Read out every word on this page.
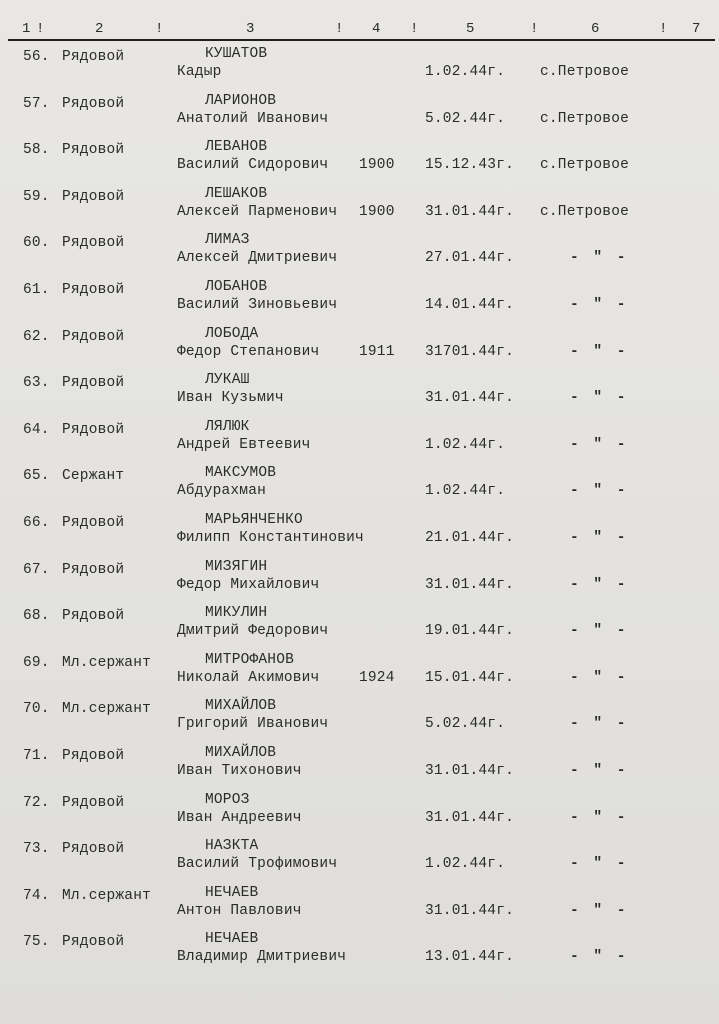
1 !	2	!	3	! 4 !	5	!	6	! 7
56. Рядовой	КУШАТОВ
Кадыр	1.02.44г. с.Петровое
57. Рядовой	ЛАРИОНОВ
Анатолий Иванович	5.02.44г. с.Петровое
58. Рядовой	ЛЕВАНОВ
Василий Сидорович 1900 15.12.43г. с.Петровое
59. Рядовой	ЛЕШАКОВ
Алексей Парменович 1900 31.01.44г. с.Петровое
60. Рядовой	ЛИМАЗ
Алексей Дмитриевич	27.01.44г.	- " -
61. Рядовой	ЛОБАНОВ
Василий Зиновьевич	14.01.44г.	- " -
62. Рядовой	ЛОБОДА
Федор Степанович	1911 31701.44г.	- " -
63. Рядовой	ЛУКАШ
Иван Кузьмич	31.01.44г.	- " -
64. Рядовой	ЛЯЛЮК
Андрей Евтеевич	1.02.44г.	- " -
65. Сержант	МАКСУМОВ
Абдурахман	1.02.44г.	- " -
66. Рядовой	МАРЬЯНЧЕНКО
Филипп Константинович	21.01.44г.	- " -
67. Рядовой	МИЗЯГИН
Федор Михайлович	31.01.44г.	- " -
68. Рядовой	МИКУЛИН
Дмитрий Федорович	19.01.44г.	- " -
69. Мл.сержант	МИТРОФАНОВ
Николай Акимович	1924 15.01.44г.	- " -
70. Мл.сержант	МИХАЙЛОВ
Григорий Иванович	5.02.44г.	- " -
71. Рядовой	МИХАЙЛОВ
Иван Тихонович	31.01.44г.	- " -
72. Рядовой	МОРОЗ
Иван Андреевич	31.01.44г.	- " -
73. Рядовой	НАЗКТА
Василий Трофимович	1.02.44г.	- " -
74. Мл.сержант	НЕЧАЕВ
Антон Павлович	31.01.44г.	- " -
75. Рядовой	НЕЧАЕВ
Владимир Дмитриевич	13.01.44г.	- " -
